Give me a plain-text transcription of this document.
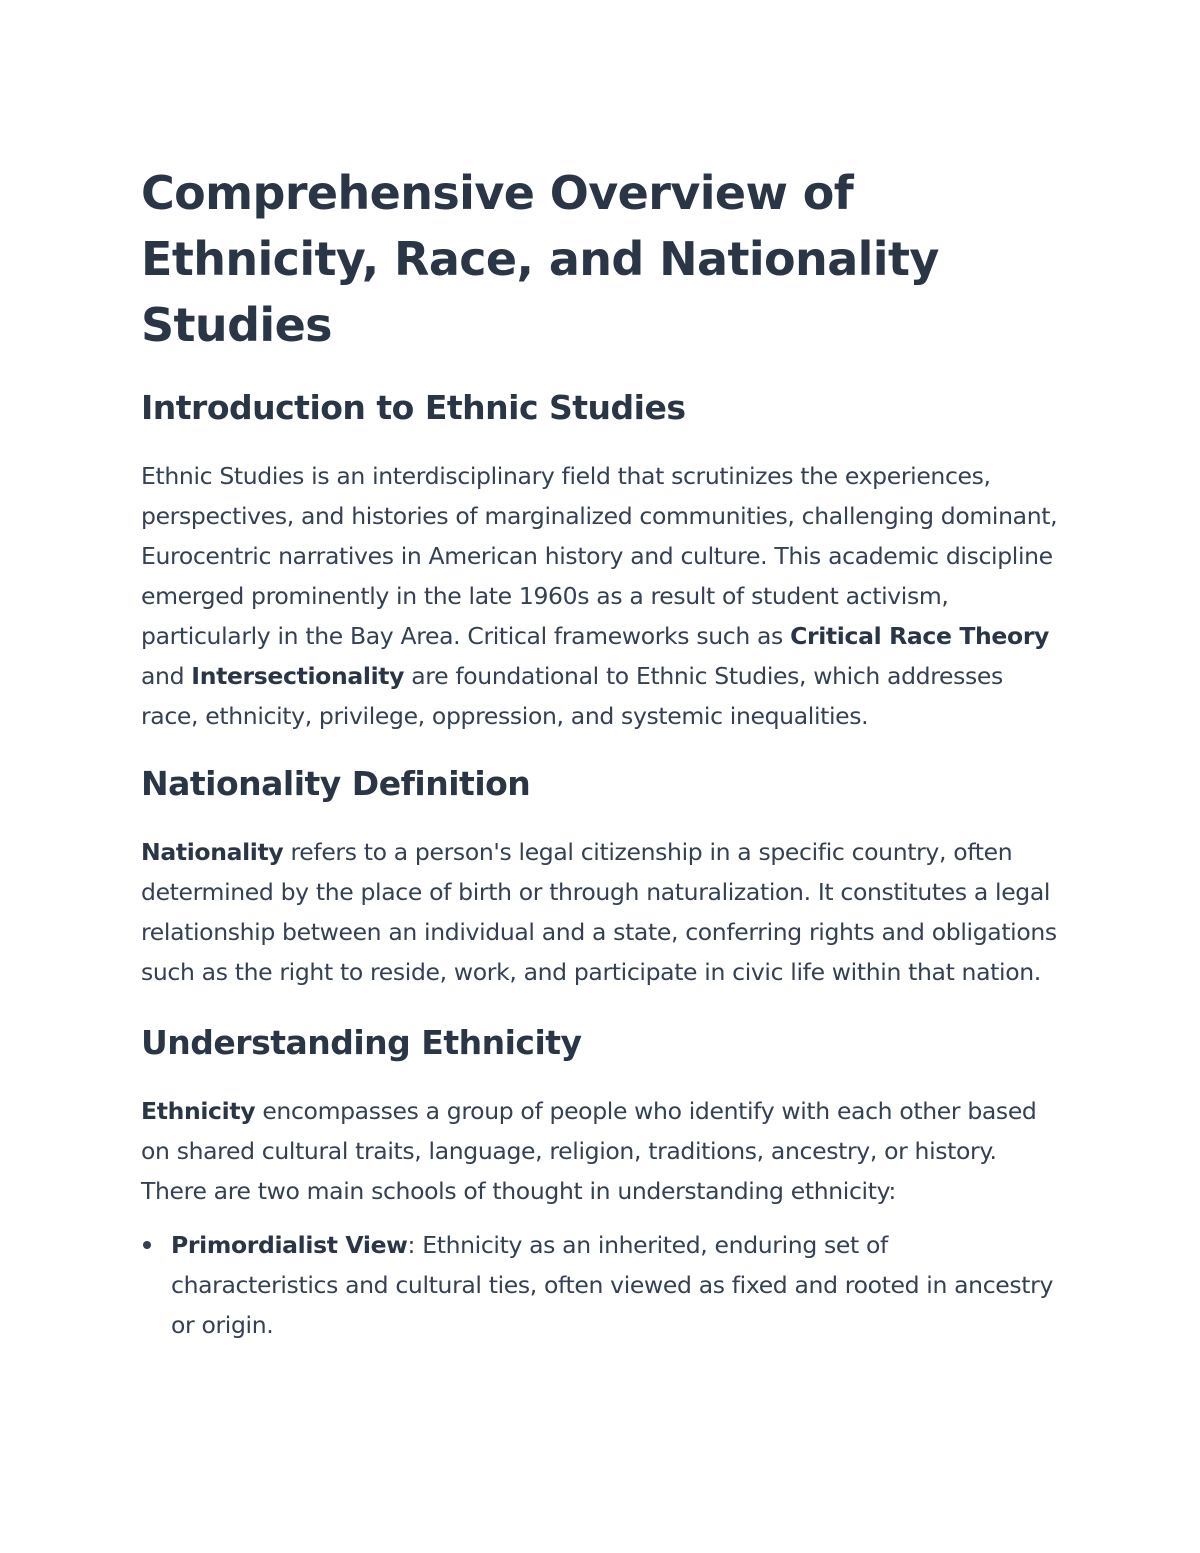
Comprehensive Overview of Ethnicity, Race, and Nationality Studies
Introduction to Ethnic Studies

Ethnic Studies is an interdisciplinary field that scrutinizes the experiences, perspectives, and histories of marginalized communities, challenging dominant, Eurocentric narratives in American history and culture. This academic discipline emerged prominently in the late 1960s as a result of student activism, particularly in the Bay Area. Critical frameworks such as Critical Race Theory and Intersectionality are foundational to Ethnic Studies, which addresses race, ethnicity, privilege, oppression, and systemic inequalities.

Nationality Definition

Nationality refers to a person's legal citizenship in a specific country, often determined by the place of birth or through naturalization. It constitutes a legal relationship between an individual and a state, conferring rights and obligations such as the right to reside, work, and participate in civic life within that nation.

Understanding Ethnicity

Ethnicity encompasses a group of people who identify with each other based on shared cultural traits, language, religion, traditions, ancestry, or history. There are two main schools of thought in understanding ethnicity:

Primordialist View: Ethnicity as an inherited, enduring set of characteristics and cultural ties, often viewed as fixed and rooted in ancestry or origin.
